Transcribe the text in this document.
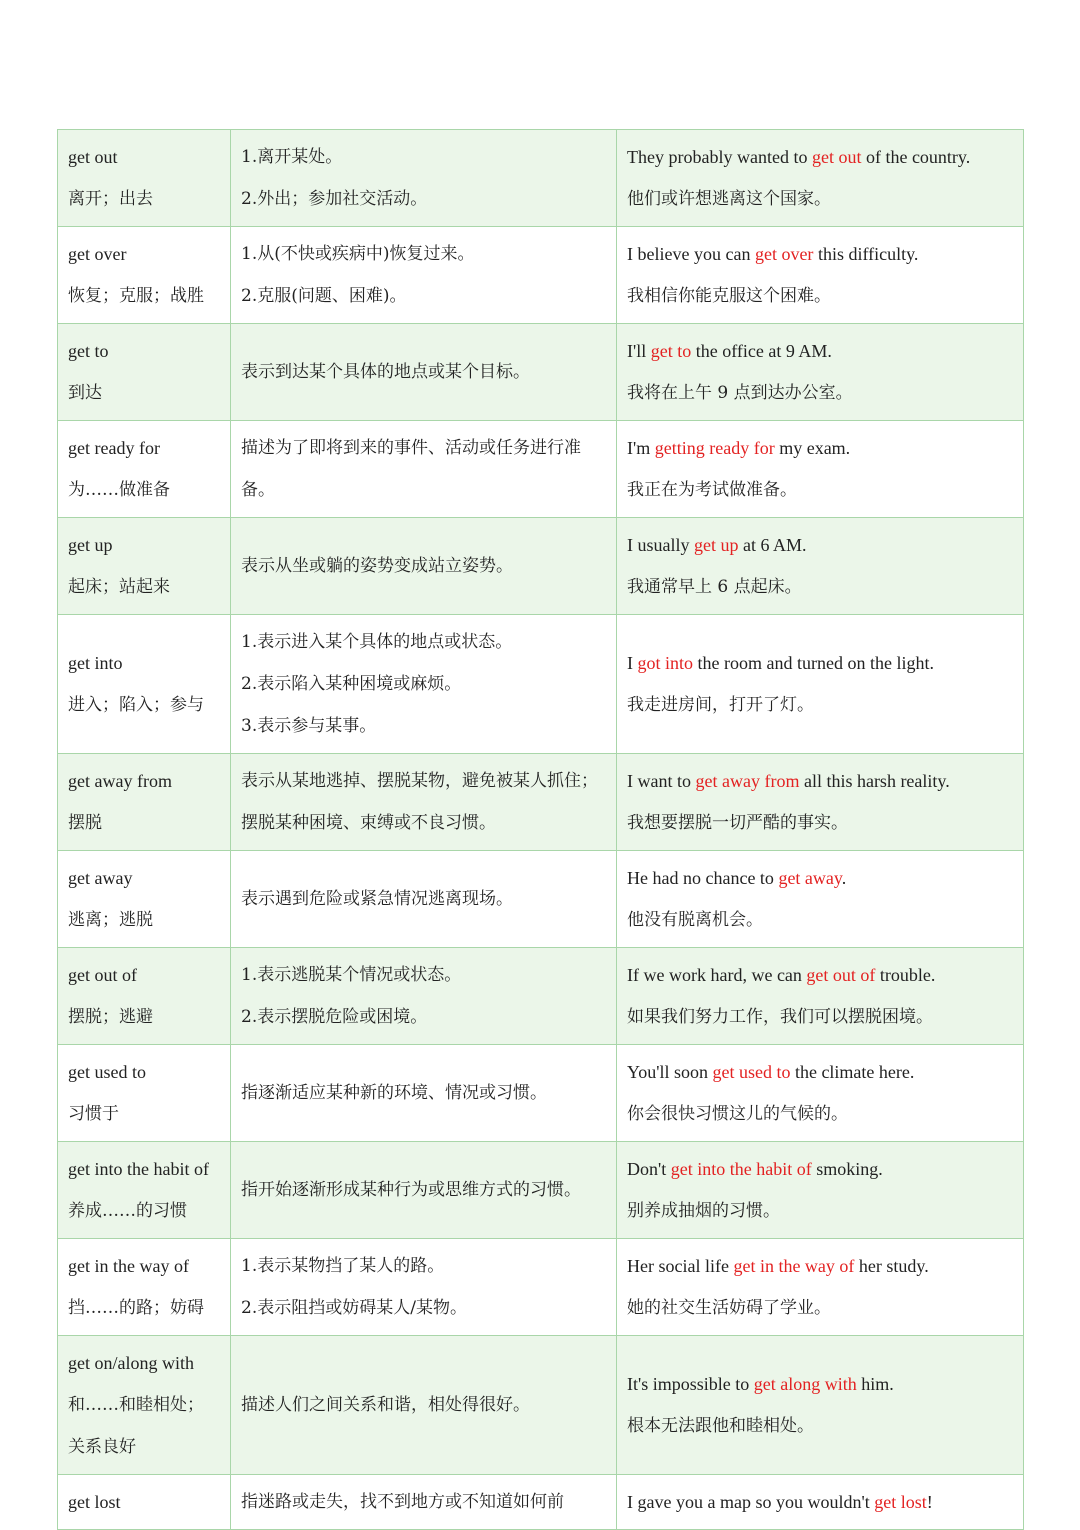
get out
离开；出去	1.离开某处。
2.外出；参加社交活动。	They probably wanted to get out of the country.
他们或许想逃离这个国家。

get over
恢复；克服；战胜	1.从(不快或疾病中)恢复过来。
2.克服(问题、困难)。	I believe you can get over this difficulty.
我相信你能克服这个困难。

get to
到达	表示到达某个具体的地点或某个目标。	I'll get to the office at 9 AM.
我将在上午 9 点到达办公室。

get ready for
为……做准备	描述为了即将到来的事件、活动或任务进行准备。	I'm getting ready for my exam.
我正在为考试做准备。

get up
起床；站起来	表示从坐或躺的姿势变成站立姿势。	I usually get up at 6 AM.
我通常早上 6 点起床。

get into
进入；陷入；参与	1.表示进入某个具体的地点或状态。
2.表示陷入某种困境或麻烦。
3.表示参与某事。	I got into the room and turned on the light.
我走进房间，打开了灯。

get away from
摆脱	表示从某地逃掉、摆脱某物，避免被某人抓住；摆脱某种困境、束缚或不良习惯。	I want to get away from all this harsh reality.
我想要摆脱一切严酷的事实。

get away
逃离；逃脱	表示遇到危险或紧急情况逃离现场。	He had no chance to get away.
他没有脱离机会。

get out of
摆脱；逃避	1.表示逃脱某个情况或状态。
2.表示摆脱危险或困境。	If we work hard, we can get out of trouble.
如果我们努力工作，我们可以摆脱困境。

get used to
习惯于	指逐渐适应某种新的环境、情况或习惯。	You'll soon get used to the climate here.
你会很快习惯这儿的气候的。

get into the habit of
养成……的习惯	指开始逐渐形成某种行为或思维方式的习惯。	Don't get into the habit of smoking.
别养成抽烟的习惯。

get in the way of
挡……的路；妨碍	1.表示某物挡了某人的路。
2.表示阻挡或妨碍某人/某物。	Her social life get in the way of her study.
她的社交生活妨碍了学业。

get on/along with
和……和睦相处；关系良好	描述人们之间关系和谐，相处得很好。	It's impossible to get along with him.
根本无法跟他和睦相处。

get lost	指迷路或走失，找不到地方或不知道如何前	I gave you a map so you wouldn't get lost!
